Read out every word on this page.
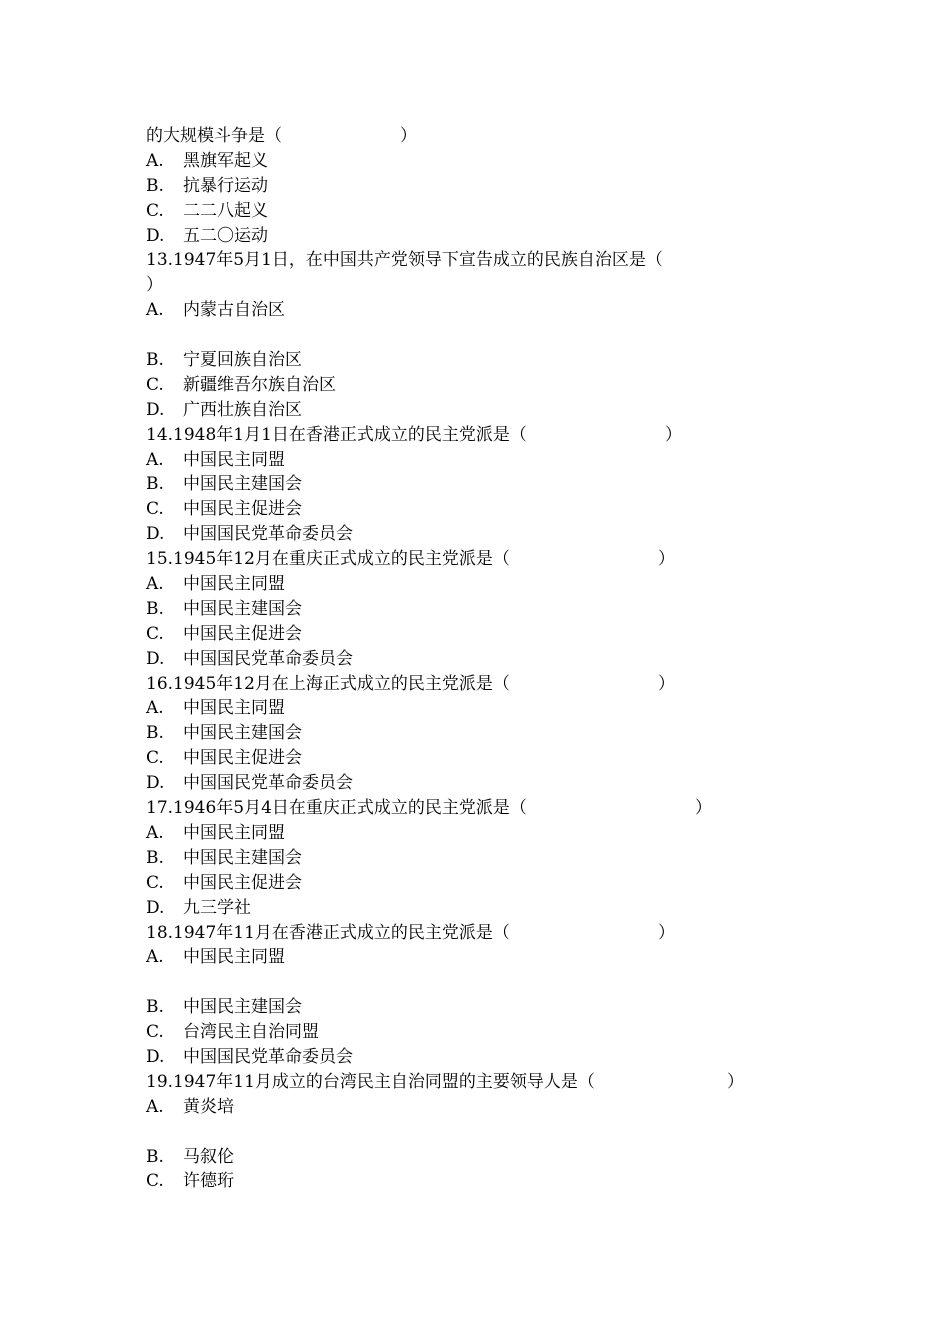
的大规模斗争是（	）
A. 黑旗军起义
B. 抗暴行运动
C. 二二八起义
D. 五二〇运动
13.1947年5月1日，在中国共产党领导下宣告成立的民族自治区是（
）
A. 内蒙古自治区
B. 宁夏回族自治区
C. 新疆维吾尔族自治区
D. 广西壮族自治区
14.1948年1月1日在香港正式成立的民主党派是（	）
A. 中国民主同盟
B. 中国民主建国会
C. 中国民主促进会
D. 中国国民党革命委员会
15.1945年12月在重庆正式成立的民主党派是（	）
A. 中国民主同盟
B. 中国民主建国会
C. 中国民主促进会
D. 中国国民党革命委员会
16.1945年12月在上海正式成立的民主党派是（	）
A. 中国民主同盟
B. 中国民主建国会
C. 中国民主促进会
D. 中国国民党革命委员会
17.1946年5月4日在重庆正式成立的民主党派是（	）
A. 中国民主同盟
B. 中国民主建国会
C. 中国民主促进会
D. 九三学社
18.1947年11月在香港正式成立的民主党派是（	）
A. 中国民主同盟
B. 中国民主建国会
C. 台湾民主自治同盟
D. 中国国民党革命委员会
19.1947年11月成立的台湾民主自治同盟的主要领导人是（	）
A. 黄炎培
B. 马叙伦
C. 许德珩
